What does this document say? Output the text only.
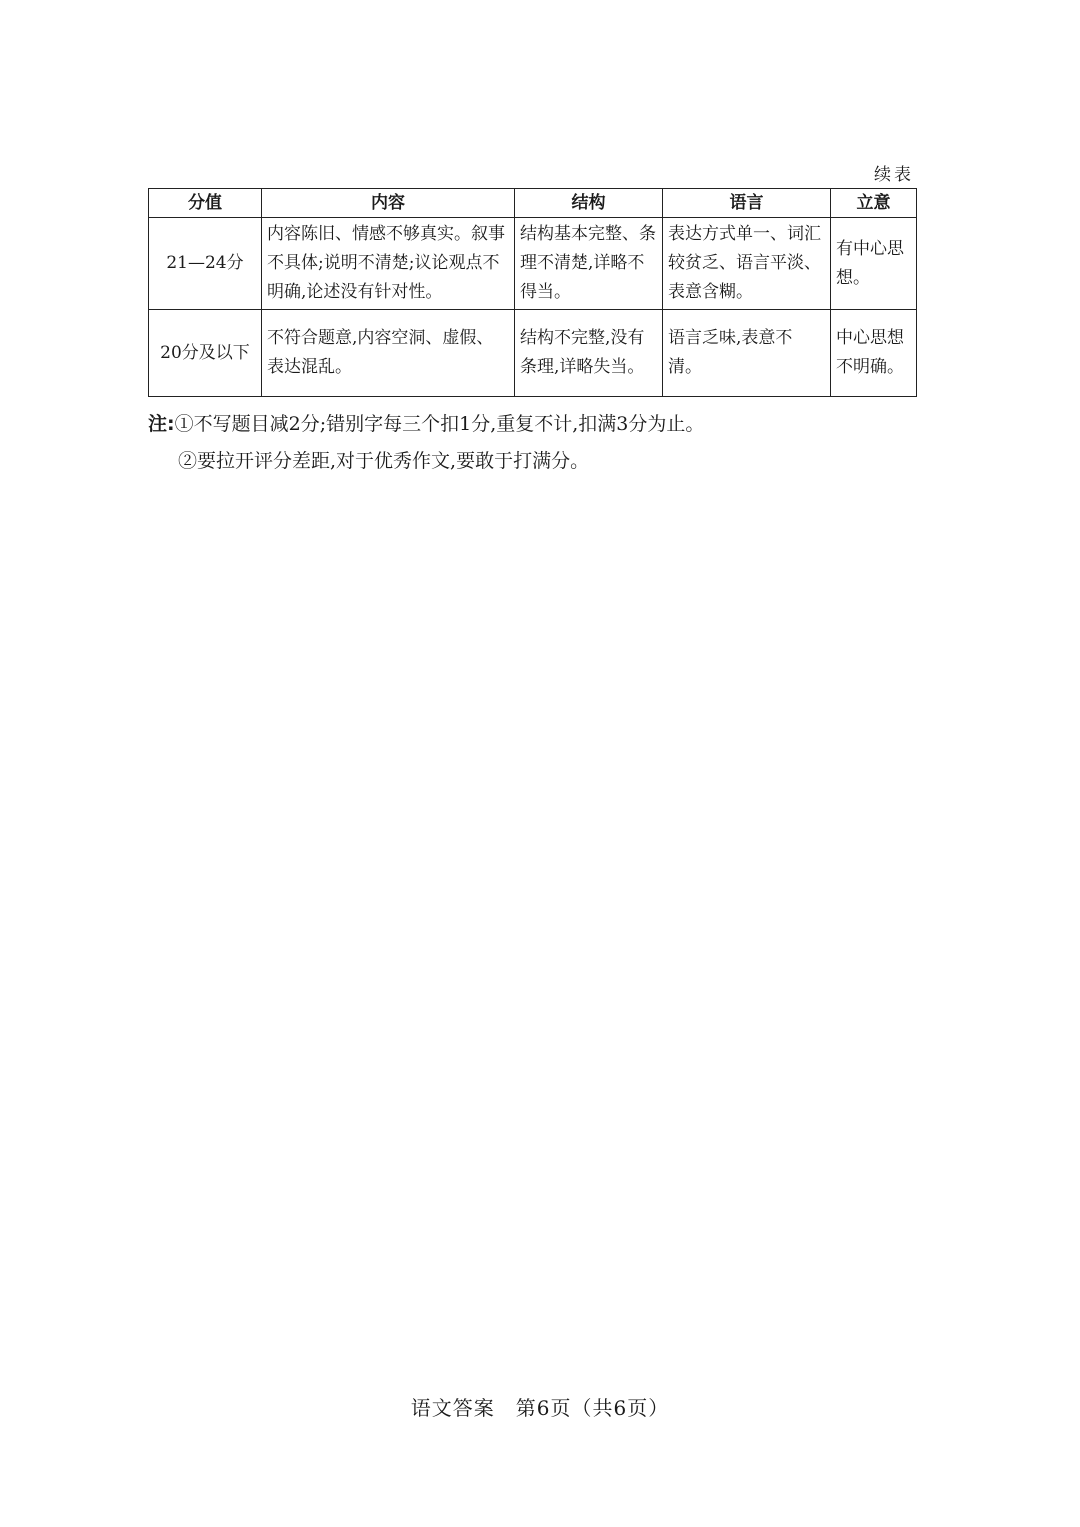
续表
分值	内容	结构	语言	立意
21—24分	内容陈旧、情感不够真实。叙事不具体;说明不清楚;议论观点不明确,论述没有针对性。	结构基本完整、条理不清楚,详略不得当。	表达方式单一、词汇较贫乏、语言平淡、表意含糊。	有中心思想。
20分及以下	不符合题意,内容空洞、虚假、表达混乱。	结构不完整,没有条理,详略失当。	语言乏味,表意不清。	中心思想不明确。
注:①不写题目减2分;错别字每三个扣1分,重复不计,扣满3分为止。
②要拉开评分差距,对于优秀作文,要敢于打满分。
语文答案　第6页（共6页）
